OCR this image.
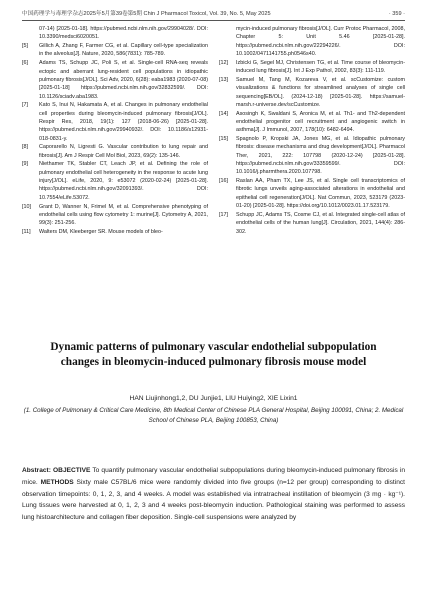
中国药理学与毒理学杂志2025年5月第39卷第5期 Chin J Pharmacol Toxicol, Vol. 39, No. 5, May 2025	· 359 ·
07-14) [2025-01-18]. https://pubmed.ncbi.nlm.nih.gov/29904028/. DOI: 10.3390/medsci6020051.
[5] Gillich A, Zhang F, Farmer CG, et al. Capillary cell-type specialization in the alveolus[J]. Nature, 2020, 586(7831): 785-789.
[6] Adams TS, Schupp JC, Poli S, et al. Single-cell RNA-seq reveals ectopic and aberrant lung-resident cell populations in idiopathic pulmonary fibrosis[J/OL]. Sci Adv, 2020, 6(28): eaba1983 (2020-07-08) [2025-01-18] https://pubmed.ncbi.nlm.nih.gov/32832599/. DOI: 10.1126/sciadv.aba1983.
[7] Kato S, Inui N, Hakamata A, et al. Changes in pulmonary endothelial cell properties during bleomycin-induced pulmonary fibrosis[J/OL]. Respir Res, 2018, 19(1): 127 (2018-06-26) [2025-01-28]. https://pubmed.ncbi.nlm.nih.gov/29940932/. DOI: 10.1186/s12931-018-0831-y.
[8] Caporarello N, Ligresti G. Vascular contribution to lung repair and fibrosis[J]. Am J Respir Cell Mol Biol, 2023, 69(2): 135-146.
[9] Niethamer TK, Stabler CT, Leach JP, et al. Defining the role of pulmonary endothelial cell heterogeneity in the response to acute lung injury[J/OL]. eLife, 2020, 9: e53072 (2020-02-24) [2025-01-28]. https://pubmed.ncbi.nlm.nih.gov/32091393/. DOI: 10.7554/eLife.53072.
[10] Grant D, Wanner N, Frimel M, et al. Comprehensive phenotyping of endothelial cells using flow cytometry 1: murine[J]. Cytometry A, 2021, 99(3): 251-256.
[11] Walters DM, Kleeberger SR. Mouse models of bleo-
mycin-induced pulmonary fibrosis[J/OL]. Curr Protoc Pharmacol, 2008, Chapter 5: Unit 5.46 [2025-01-28]. https://pubmed.ncbi.nlm.nih.gov/22294226/. DOI: 10.1002/0471141755.ph0546s40.
[12] Izbicki G, Segel MJ, Christensen TG, et al. Time course of bleomycin-induced lung fibrosis[J]. Int J Exp Pathol, 2002, 83(3): 111-119.
[13] Samuel M, Tang M, Kozareva V, et al. scCustomize: custom visualizations & functions for streamlined analyses of single cell sequencing[EB/OL]. (2024-12-18) [2025-01-28]. https://samuel-marsh.r-universe.dev/scCustomize.
[14] Asosingh K, Swaldani S, Aronica M, et al. Th1- and Th2-dependent endothelial progenitor cell recruitment and angiogenic switch in asthma[J]. J Immunol, 2007, 178(10): 6482-6494.
[15] Spagnolo P, Kropski JA, Jones MG, et al. Idiopathic pulmonary fibrosis: disease mechanisms and drug development[J/OL]. Pharmacol Ther, 2021, 222: 107798 (2020-12-24) [2025-01-28]. https://pubmed.ncbi.nlm.nih.gov/33359599/. DOI: 10.1016/j.pharmthera.2020.107798.
[16] Raslan AA, Pham TX, Lee JS, et al. Single cell transcriptomics of fibrotic lungs unveils aging-associated alterations in endothelial and epithelial cell regeneration[J/OL]. Nat Commun, 2023, 523179 (2023-01-20) [2025-01-28]. https://doi.org/10.1012/0023.01.17.523179.
[17] Schupp JC, Adams TS, Cosme CJ, et al. Integrated single-cell atlas of endothelial cells of the human lung[J]. Circulation, 2021, 144(4): 286-302.
Dynamic patterns of pulmonary vascular endothelial subpopulation changes in bleomycin-induced pulmonary fibrosis mouse model
HAN Liujinhong1,2, DU Junjie1, LIU Huiying2, XIE Lixin1
(1. College of Pulmonary & Critical Care Medicine, 8th Medical Center of Chinese PLA General Hospital, Beijing 100091, China; 2. Medical School of Chinese PLA, Beijing 100853, China)
Abstract: OBJECTIVE To quantify pulmonary vascular endothelial subpopulations during bleomycin-induced pulmonary fibrosis in mice. METHODS Sixty male C57BL/6 mice were randomly divided into five groups (n=12 per group) corresponding to distinct observation timepoints: 0, 1, 2, 3, and 4 weeks. A model was established via intratracheal instillation of bleomycin (3 mg · kg⁻¹). Lung tissues were harvested at 0, 1, 2, 3 and 4 weeks post-bleomycin induction. Pathological staining was performed to assess lung histoarchitecture and collagen fiber deposition. Single-cell suspensions were analyzed by
